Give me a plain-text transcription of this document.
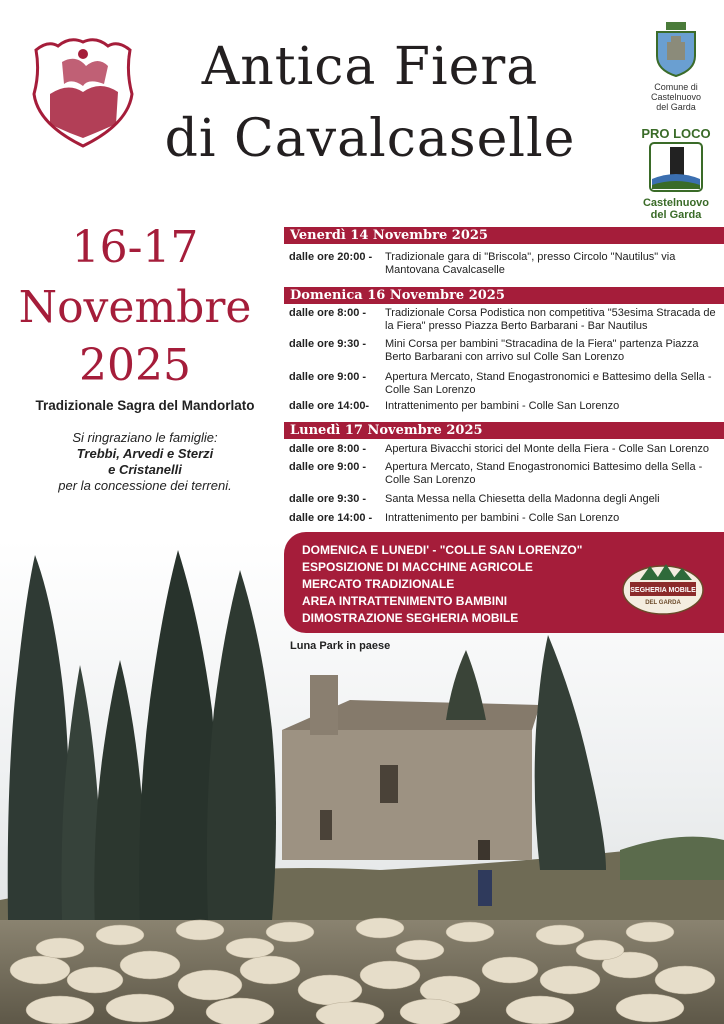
Antica Fiera
di Cavalcaselle
Comune di
Castelnuovo
del Garda
PRO LOCO
Castelnuovo
del Garda
16-17
Novembre
2025
Tradizionale Sagra del Mandorlato
Si ringraziano le famiglie:
Trebbi, Arvedi e Sterzi
e Cristanelli
per la concessione dei terreni.
Venerdì 14 Novembre 2025
dalle ore 20:00 -	Tradizionale gara di "Briscola", presso Circolo "Nautilus" via Mantovana Cavalcaselle
Domenica 16 Novembre 2025
dalle ore 8:00 -	Tradizionale Corsa Podistica non competitiva "53esima Stracada de la Fiera" presso Piazza Berto Barbarani - Bar Nautilus
dalle ore 9:30 -	Mini Corsa per bambini "Stracadina de la Fiera" partenza Piazza Berto Barbarani con arrivo sul Colle San Lorenzo
dalle ore 9:00 -	Apertura Mercato, Stand Enogastronomici e Battesimo della Sella - Colle San Lorenzo
dalle ore 14:00-	Intrattenimento per bambini - Colle San Lorenzo
Lunedì 17 Novembre 2025
dalle ore 8:00 -	Apertura Bivacchi storici del Monte della Fiera - Colle San Lorenzo
dalle ore 9:00 -	Apertura Mercato, Stand Enogastronomici Battesimo della Sella - Colle San Lorenzo
dalle ore 9:30 -	Santa Messa nella Chiesetta della Madonna degli Angeli
dalle ore 14:00 -	Intrattenimento per bambini - Colle San Lorenzo
DOMENICA E LUNEDI' - "COLLE SAN LORENZO"
ESPOSIZIONE DI MACCHINE AGRICOLE
MERCATO TRADIZIONALE
AREA INTRATTENIMENTO BAMBINI
DIMOSTRAZIONE SEGHERIA MOBILE
SEGHERIA MOBILE
DEL GARDA
Luna Park in paese
